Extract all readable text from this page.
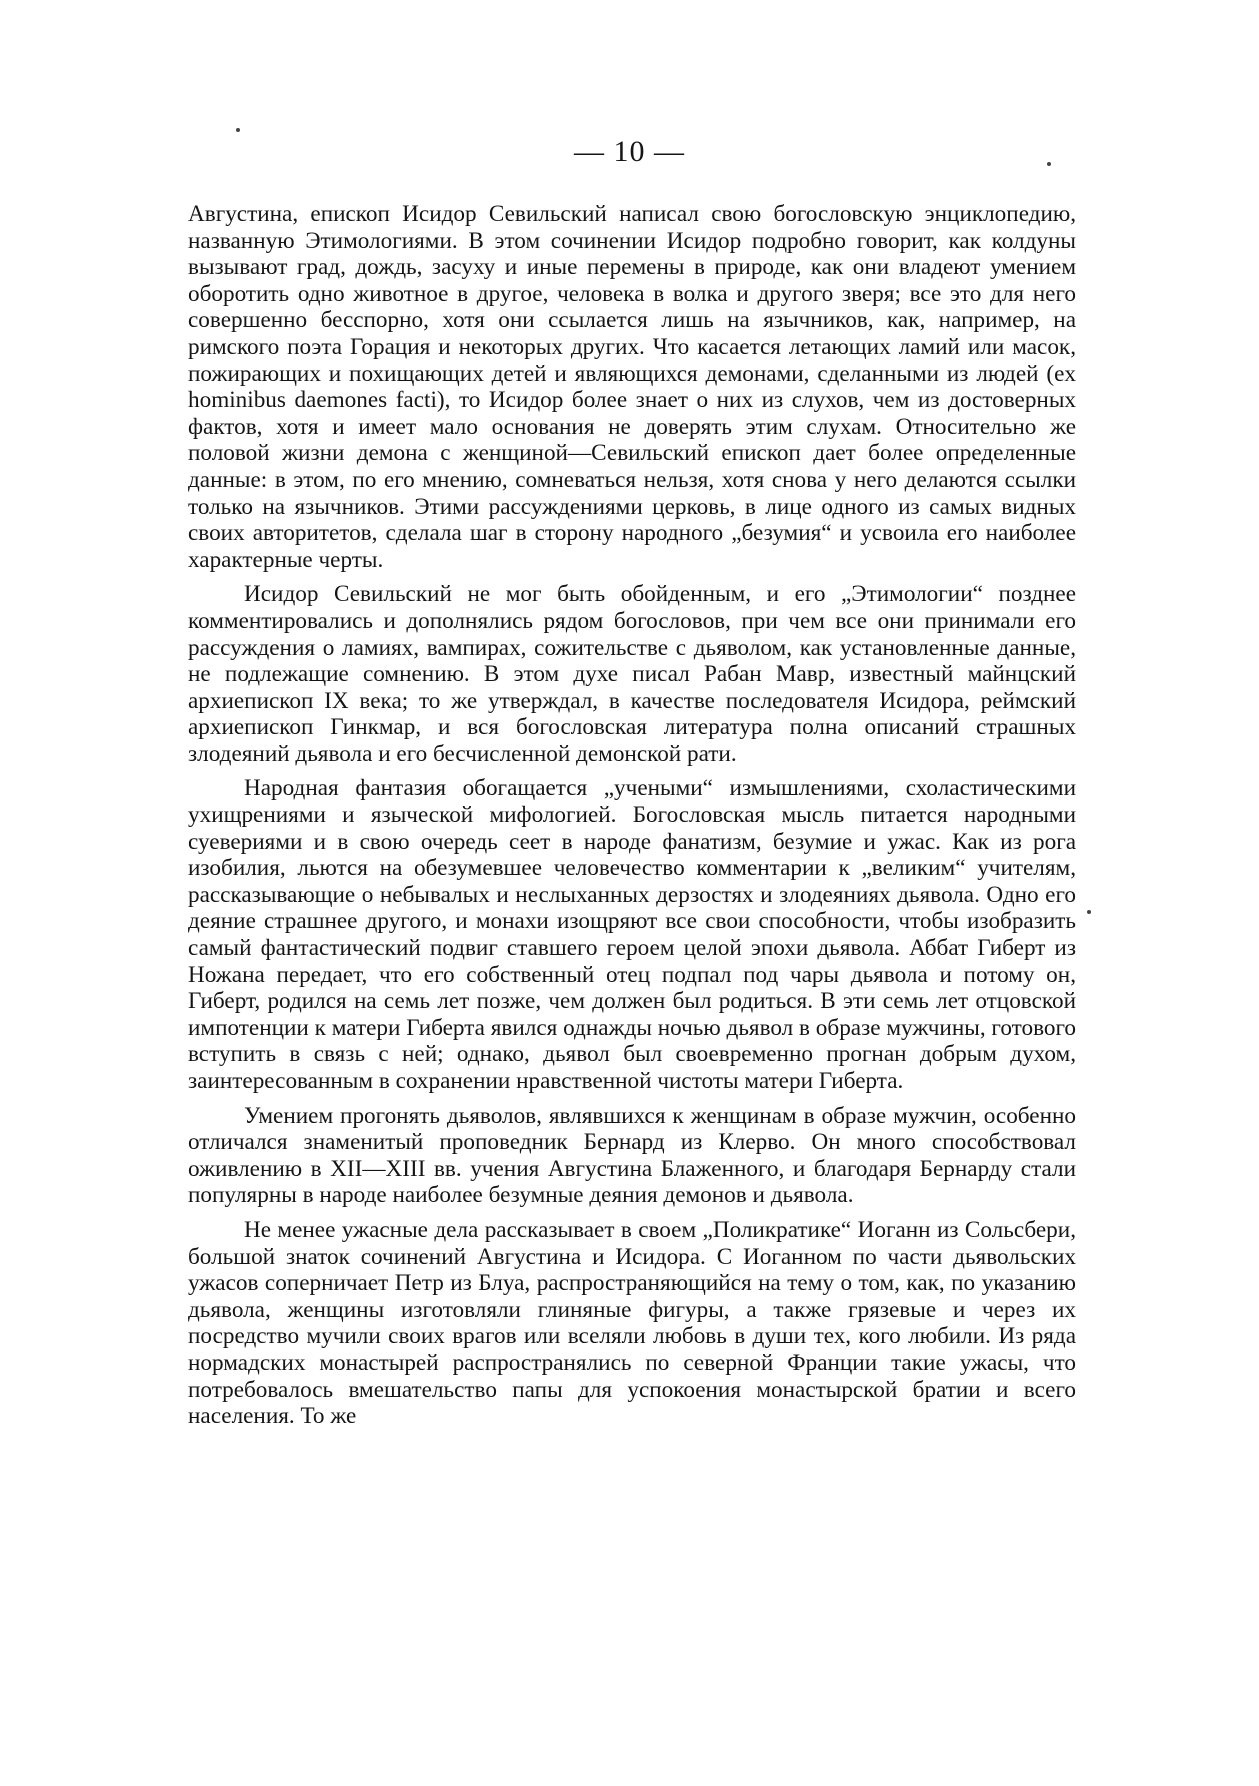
— 10 —

Августина, епископ Исидор Севильский написал свою богословскую энциклопедию, названную Этимологиями. В этом сочинении Исидор подробно говорит, как колдуны вызывают град, дождь, засуху и иные перемены в природе, как они владеют умением оборотить одно животное в другое, человека в волка и другого зверя; все это для него совершенно бесспорно, хотя они ссылается лишь на язычников, как, например, на римского поэта Горация и некоторых других. Что касается летающих ламий или масок, пожирающих и похищающих детей и являющихся демонами, сделанными из людей (ex hominibus daemones facti), то Исидор более знает о них из слухов, чем из достоверных фактов, хотя и имеет мало основания не доверять этим слухам. Относительно же половой жизни демона с женщиной—Севильский епископ дает более определенные данные: в этом, по его мнению, сомневаться нельзя, хотя снова у него делаются ссылки только на язычников. Этими рассуждениями церковь, в лице одного из самых видных своих авторитетов, сделала шаг в сторону народного „безумия“ и усвоила его наиболее характерные черты.

Исидор Севильский не мог быть обойденным, и его „Этимологии“ позднее комментировались и дополнялись рядом богословов, при чем все они принимали его рассуждения о ламиях, вампирах, сожительстве с дьяволом, как установленные данные, не подлежащие сомнению. В этом духе писал Рабан Мавр, известный майнцский архиепископ IX века; то же утверждал, в качестве последователя Исидора, реймский архиепископ Гинкмар, и вся богословская литература полна описаний страшных злодеяний дьявола и его бесчисленной демонской рати.

Народная фантазия обогащается „учеными“ измышлениями, схоластическими ухищрениями и языческой мифологией. Богословская мысль питается народными суевериями и в свою очередь сеет в народе фанатизм, безумие и ужас. Как из рога изобилия, льются на обезумевшее человечество комментарии к „великим“ учителям, рассказывающие о небывалых и неслыханных дерзостях и злодеяниях дьявола. Одно его деяние страшнее другого, и монахи изощряют все свои способности, чтобы изобразить самый фантастический подвиг ставшего героем целой эпохи дьявола. Аббат Гиберт из Ножана передает, что его собственный отец подпал под чары дьявола и потому он, Гиберт, родился на семь лет позже, чем должен был родиться. В эти семь лет отцовской импотенции к матери Гиберта явился однажды ночью дьявол в образе мужчины, готового вступить в связь с ней; однако, дьявол был своевременно прогнан добрым духом, заинтересованным в сохранении нравственной чистоты матери Гиберта.

Умением прогонять дьяволов, являвшихся к женщинам в образе мужчин, особенно отличался знаменитый проповедник Бернард из Клерво. Он много способствовал оживлению в XII—XIII вв. учения Августина Блаженного, и благодаря Бернарду стали популярны в народе наиболее безумные деяния демонов и дьявола.

Не менее ужасные дела рассказывает в своем „Поликратике“ Иоганн из Сольсбери, большой знаток сочинений Августина и Исидора. С Иоганном по части дьявольских ужасов соперничает Петр из Блуа, распространяющийся на тему о том, как, по указанию дьявола, женщины изготовляли глиняные фигуры, а также грязевые и через их посредство мучили своих врагов или вселяли любовь в души тех, кого любили. Из ряда нормадских монастырей распространялись по северной Франции такие ужасы, что потребовалось вмешательство папы для успокоения монастырской братии и всего населения. То же
